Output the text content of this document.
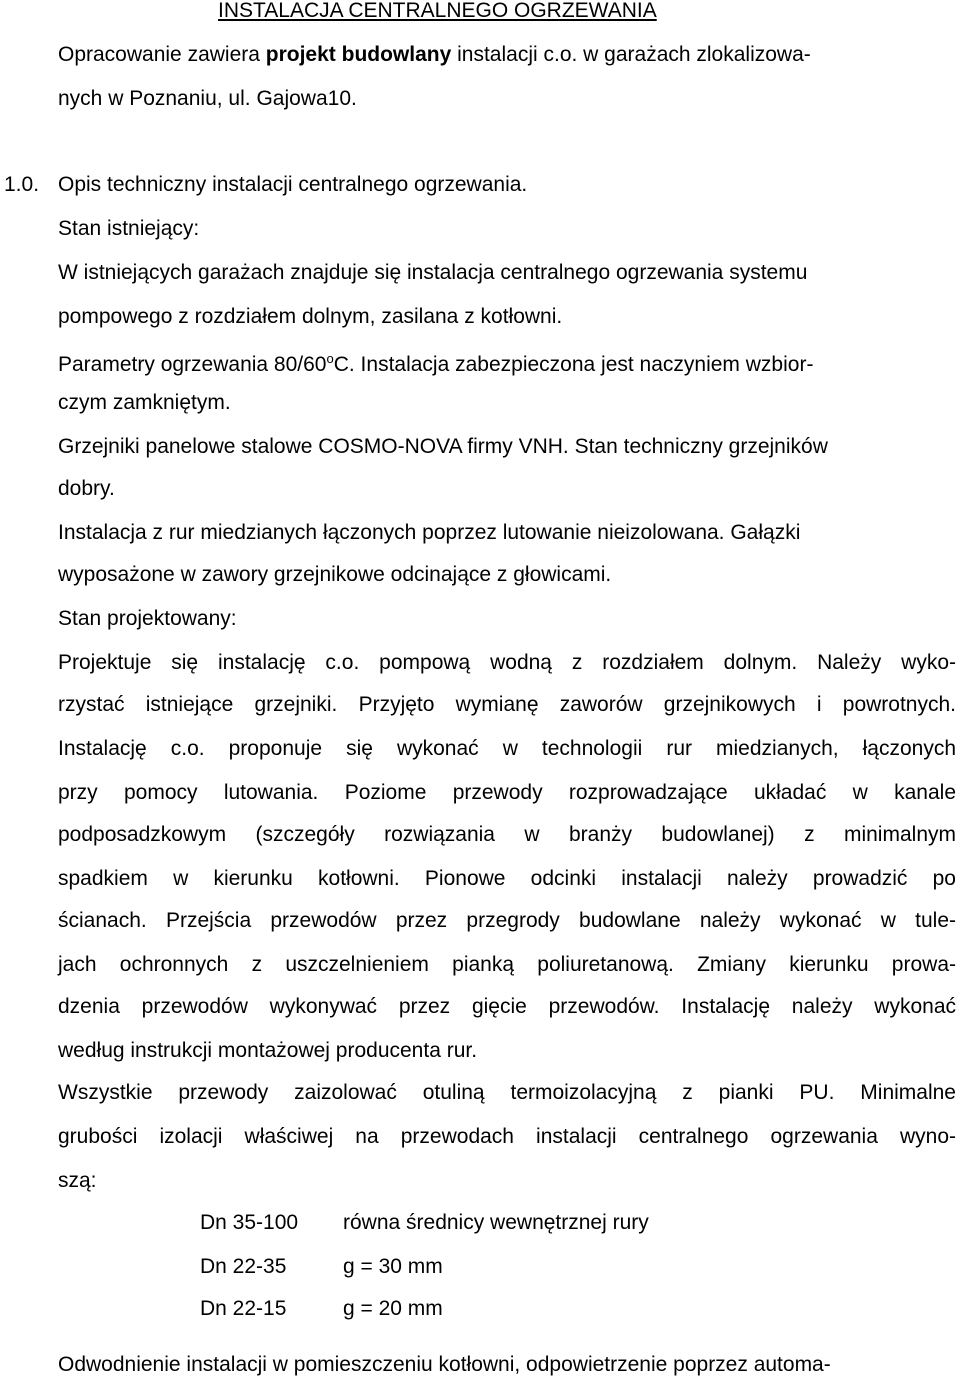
INSTALACJA CENTRALNEGO OGRZEWANIA
Opracowanie zawiera projekt budowlany instalacji c.o. w garażach zlokalizowa-
nych w Poznaniu, ul. Gajowa10.
1.0. Opis techniczny instalacji centralnego ogrzewania.
Stan istniejący:
W istniejących garażach znajduje się instalacja centralnego ogrzewania systemu
pompowego z rozdziałem dolnym, zasilana z kotłowni.
Parametry ogrzewania 80/60$^o$C. Instalacja zabezpieczona jest naczyniem wzbior-
czym zamkniętym.
Grzejniki panelowe stalowe COSMO-NOVA firmy VNH. Stan techniczny grzejników
dobry.
Instalacja z rur miedzianych łączonych poprzez lutowanie nieizolowana. Gałązki
wyposażone w zawory grzejnikowe odcinające z głowicami.
Stan projektowany:
Projektuje się instalację c.o. pompową wodną z rozdziałem dolnym. Należy wyko-
rzystać istniejące grzejniki. Przyjęto wymianę zaworów grzejnikowych i powrotnych.
Instalację c.o. proponuje się wykonać w technologii rur miedzianych, łączonych
przy pomocy lutowania. Poziome przewody rozprowadzające układać w kanale
podposadzkowym (szczegóły rozwiązania w branży budowlanej) z minimalnym
spadkiem w kierunku kotłowni. Pionowe odcinki instalacji należy prowadzić po
ścianach. Przejścia przewodów przez przegrody budowlane należy wykonać w tule-
jach ochronnych z uszczelnieniem pianką poliuretanową. Zmiany kierunku prowa-
dzenia przewodów wykonywać przez gięcie przewodów. Instalację należy wykonać
według instrukcji montażowej producenta rur.
Wszystkie przewody zaizolować otuliną termoizolacyjną z pianki PU. Minimalne
grubości izolacji właściwej na przewodach instalacji centralnego ogrzewania wyno-
szą:
Dn 35-100 równa średnicy wewnętrznej rury
Dn 22-35	g = 30 mm
Dn 22-15	g = 20 mm
Odwodnienie instalacji w pomieszczeniu kotłowni, odpowietrzenie poprzez automa-
